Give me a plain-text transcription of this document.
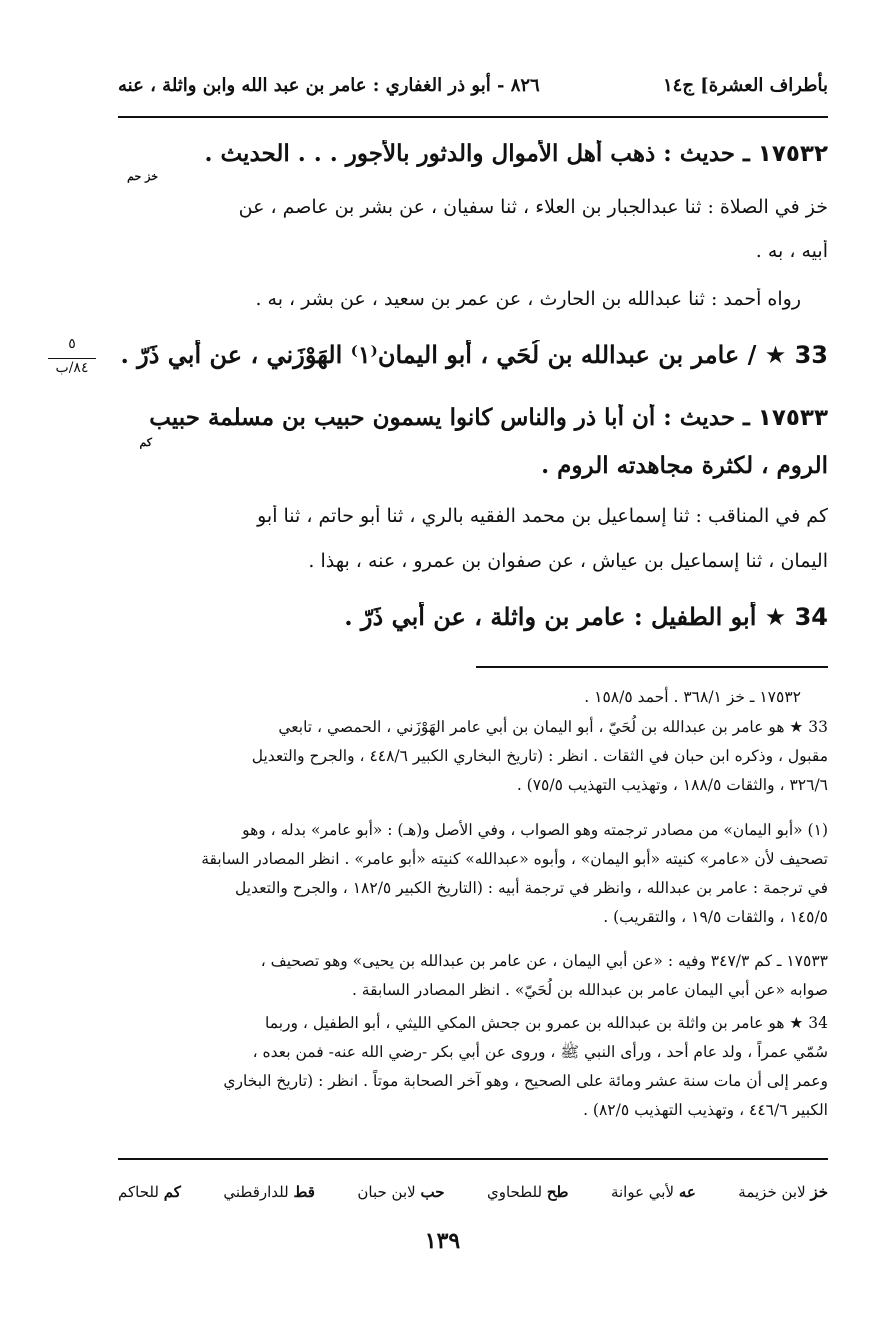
بأطراف العشرة] ج١٤
٨٢٦ - أبو ذر الغفاري : عامر بن عبد الله وابن واثلة ، عنه
١٧٥٣٢ ـ حديث : ذهب أهل الأموال والدثور بالأجور . . . الحديث .
خز حم
خز في الصلاة : ثنا عبدالجبار بن العلاء ، ثنا سفيان ، عن بشر بن عاصم ، عن
أبيه ، به .
رواه أحمد : ثنا عبدالله بن الحارث ، عن عمر بن سعيد ، عن بشر ، به .
33 ★ / عامر بن عبدالله بن لُحَي ، أبو اليمان⁽١⁾ الهَوْزَني ، عن أبي ذَرّ .
٥
٨٤/ب
١٧٥٣٣ ـ حديث : أن أبا ذر والناس كانوا يسمون حبيب بن مسلمة حبيب
كم
الروم ، لكثرة مجاهدته الروم .
كم في المناقب : ثنا إسماعيل بن محمد الفقيه بالري ، ثنا أبو حاتم ، ثنا أبو
اليمان ، ثنا إسماعيل بن عياش ، عن صفوان بن عمرو ، عنه ، بهذا .
34 ★ أبو الطفيل : عامر بن واثلة ، عن أبي ذَرّ .
١٧٥٣٢ ـ خز ٣٦٨/١ . أحمد ١٥٨/٥ .
33 ★ هو عامر بن عبدالله بن لُحَيّ ، أبو اليمان بن أبي عامر الهَوْزَني ، الحمصي ، تابعي
مقبول ، وذكره ابن حبان في الثقات . انظر : (تاريخ البخاري الكبير ٤٤٨/٦ ، والجرح والتعديل
٣٢٦/٦ ، والثقات ١٨٨/٥ ، وتهذيب التهذيب ٧٥/٥) .
(١) «أبو اليمان» من مصادر ترجمته وهو الصواب ، وفي الأصل و(هـ) : «أبو عامر» بدله ، وهو
تصحيف لأن «عامر» كنيته «أبو اليمان» ، وأبوه «عبدالله» كنيته «أبو عامر» . انظر المصادر السابقة
في ترجمة : عامر بن عبدالله ، وانظر في ترجمة أبيه : (التاريخ الكبير ١٨٢/٥ ، والجرح والتعديل
١٤٥/٥ ، والثقات ١٩/٥ ، والتقريب) .
١٧٥٣٣ ـ كم ٣٤٧/٣ وفيه : «عن أبي اليمان ، عن عامر بن عبدالله بن يحيى» وهو تصحيف ،
صوابه «عن أبي اليمان عامر بن عبدالله بن لُحَيّ» . انظر المصادر السابقة .
34 ★ هو عامر بن واثلة بن عبدالله بن عمرو بن جحش المكي الليثي ، أبو الطفيل ، وربما
سُمّي عمراً ، ولد عام أحد ، ورأى النبي ﷺ ، وروى عن أبي بكر -رضي الله عنه- فمن بعده ،
وعمر إلى أن مات سنة عشر ومائة على الصحيح ، وهو آخر الصحابة موتاً . انظر : (تاريخ البخاري
الكبير ٤٤٦/٦ ، وتهذيب التهذيب ٨٢/٥) .
خز لابن خزيمة
عه لأبي عوانة
طح للطحاوي
حب لابن حبان
قط للدارقطني
كم للحاكم
١٣٩
